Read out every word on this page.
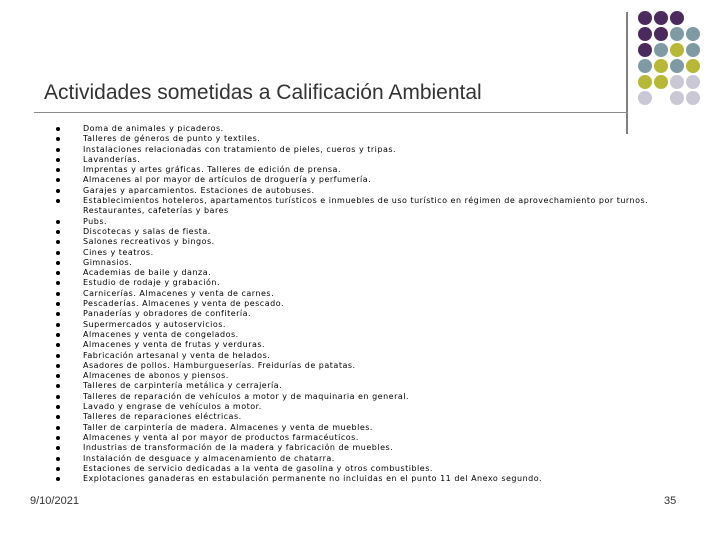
Actividades sometidas a Calificación Ambiental
Doma de animales y picaderos.
Talleres de géneros de punto y textiles.
Instalaciones relacionadas con tratamiento de pieles, cueros y tripas.
Lavanderías.
Imprentas y artes gráficas. Talleres de edición de prensa.
Almacenes al por mayor de artículos de droguería y perfumería.
Garajes y aparcamientos. Estaciones de autobuses.
Establecimientos hoteleros, apartamentos turísticos e inmuebles de uso turístico en régimen de aprovechamiento por turnos. Restaurantes, cafeterías y bares
Pubs.
Discotecas y salas de fiesta.
Salones recreativos y bingos.
Cines y teatros.
Gimnasios.
Academias de baile y danza.
Estudio de rodaje y grabación.
Carnicerías. Almacenes y venta de carnes.
Pescaderías. Almacenes y venta de pescado.
Panaderías y obradores de confitería.
Supermercados y autoservicios.
Almacenes y venta de congelados.
Almacenes y venta de frutas y verduras.
Fabricación artesanal y venta de helados.
Asadores de pollos. Hamburgueserías. Freidurías de patatas.
Almacenes de abonos y piensos.
Talleres de carpintería metálica y cerrajería.
Talleres de reparación de vehículos a motor y de maquinaria en general.
Lavado y engrase de vehículos a motor.
Talleres de reparaciones eléctricas.
Taller de carpintería de madera. Almacenes y venta de muebles.
Almacenes y venta al por mayor de productos farmacéuticos.
Industrias de transformación de la madera y fabricación de muebles.
Instalación de desguace y almacenamiento de chatarra.
Estaciones de servicio dedicadas a la venta de gasolina y otros combustibles.
Explotaciones ganaderas en estabulación permanente no incluidas en el punto 11 del Anexo segundo.
9/10/2021	35
